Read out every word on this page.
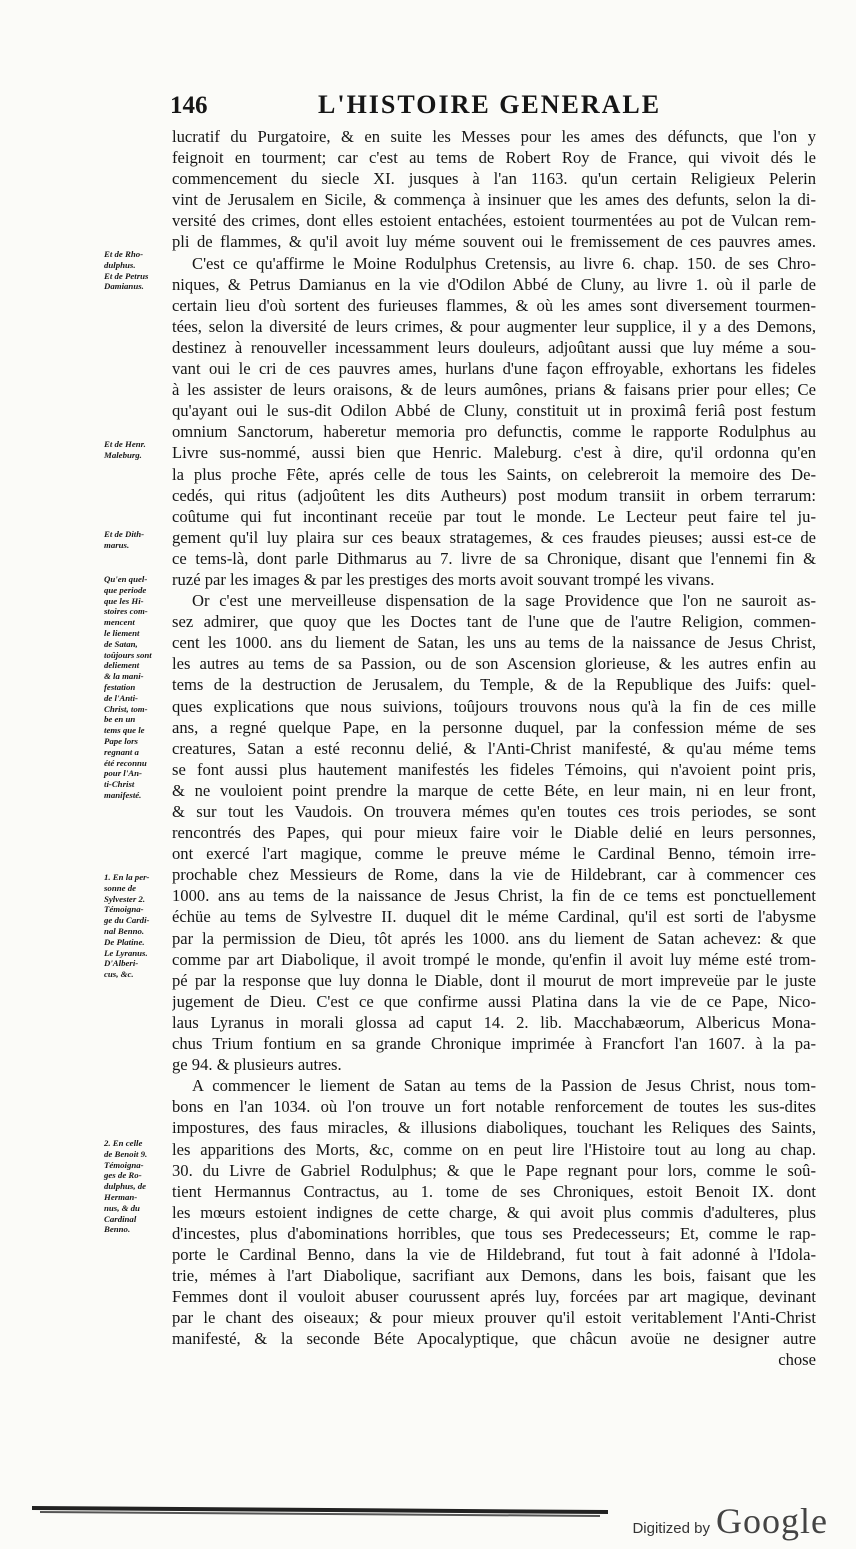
146	L'HISTOIRE GENERALE
lucratif du Purgatoire, & en suite les Messes pour les ames des défuncts, que l'on y
feignoit en tourment; car c'est au tems de Robert Roy de France, qui vivoit dés le
commencement du siecle XI. jusques à l'an 1163. qu'un certain Religieux Pelerin
vint de Jerusalem en Sicile, & commença à insinuer que les ames des defunts, selon la di-
versité des crimes, dont elles estoient entachées, estoient tourmentées au pot de Vulcan rem-
pli de flammes, & qu'il avoit luy méme souvent oui le fremissement de ces pauvres ames.
C'est ce qu'affirme le Moine Rodulphus Cretensis, au livre 6. chap. 150. de ses Chro-
niques, & Petrus Damianus en la vie d'Odilon Abbé de Cluny, au livre 1. où il parle de
certain lieu d'où sortent des furieuses flammes, & où les ames sont diversement tourmen-
tées, selon la diversité de leurs crimes, & pour augmenter leur supplice, il y a des Demons,
destinez à renouveller incessamment leurs douleurs, adjoûtant aussi que luy méme a sou-
vant oui le cri de ces pauvres ames, hurlans d'une façon effroyable, exhortans les fideles
à les assister de leurs oraisons, & de leurs aumônes, prians & faisans prier pour elles; Ce
qu'ayant oui le sus-dit Odilon Abbé de Cluny, constituit ut in proximâ feriâ post festum
omnium Sanctorum, haberetur memoria pro defunctis, comme le rapporte Rodulphus au
Livre sus-nommé, aussi bien que Henric. Maleburg. c'est à dire, qu'il ordonna qu'en
la plus proche Fête, aprés celle de tous les Saints, on celebreroit la memoire des De-
cedés, qui ritus (adjoûtent les dits Autheurs) post modum transiit in orbem terrarum:
coûtume qui fut incontinant receüe par tout le monde. Le Lecteur peut faire tel ju-
gement qu'il luy plaira sur ces beaux stratagemes, & ces fraudes pieuses; aussi est-ce de
ce tems-là, dont parle Dithmarus au 7. livre de sa Chronique, disant que l'ennemi fin &
ruzé par les images & par les prestiges des morts avoit souvant trompé les vivans.
Or c'est une merveilleuse dispensation de la sage Providence que l'on ne sauroit as-
sez admirer, que quoy que les Doctes tant de l'une que de l'autre Religion, commen-
cent les 1000. ans du liement de Satan, les uns au tems de la naissance de Jesus Christ,
les autres au tems de sa Passion, ou de son Ascension glorieuse, & les autres enfin au
tems de la destruction de Jerusalem, du Temple, & de la Republique des Juifs: quel-
ques explications que nous suivions, toûjours trouvons nous qu'à la fin de ces mille
ans, a regné quelque Pape, en la personne duquel, par la confession méme de ses
creatures, Satan a esté reconnu delié, & l'Anti-Christ manifesté, & qu'au méme tems
se font aussi plus hautement manifestés les fideles Témoins, qui n'avoient point pris,
& ne vouloient point prendre la marque de cette Béte, en leur main, ni en leur front,
& sur tout les Vaudois. On trouvera mémes qu'en toutes ces trois periodes, se sont
rencontrés des Papes, qui pour mieux faire voir le Diable delié en leurs personnes,
ont exercé l'art magique, comme le preuve méme le Cardinal Benno, témoin irre-
prochable chez Messieurs de Rome, dans la vie de Hildebrant, car à commencer ces
1000. ans au tems de la naissance de Jesus Christ, la fin de ce tems est ponctuellement
échüe au tems de Sylvestre II. duquel dit le méme Cardinal, qu'il est sorti de l'abysme
par la permission de Dieu, tôt aprés les 1000. ans du liement de Satan achevez: & que
comme par art Diabolique, il avoit trompé le monde, qu'enfin il avoit luy méme esté trom-
pé par la response que luy donna le Diable, dont il mourut de mort impreveüe par le juste
jugement de Dieu. C'est ce que confirme aussi Platina dans la vie de ce Pape, Nico-
laus Lyranus in morali glossa ad caput 14. 2. lib. Macchabæorum, Albericus Mona-
chus Trium fontium en sa grande Chronique imprimée à Francfort l'an 1607. à la pa-
ge 94. & plusieurs autres.
A commencer le liement de Satan au tems de la Passion de Jesus Christ, nous tom-
bons en l'an 1034. où l'on trouve un fort notable renforcement de toutes les sus-dites
impostures, des faus miracles, & illusions diaboliques, touchant les Reliques des Saints,
les apparitions des Morts, &c, comme on en peut lire l'Histoire tout au long au chap.
30. du Livre de Gabriel Rodulphus; & que le Pape regnant pour lors, comme le soû-
tient Hermannus Contractus, au 1. tome de ses Chroniques, estoit Benoit IX. dont
les mœurs estoient indignes de cette charge, & qui avoit plus commis d'adulteres, plus
d'incestes, plus d'abominations horribles, que tous ses Predecesseurs; Et, comme le rap-
porte le Cardinal Benno, dans la vie de Hildebrand, fut tout à fait adonné à l'Idola-
trie, mémes à l'art Diabolique, sacrifiant aux Demons, dans les bois, faisant que les
Femmes dont il vouloit abuser courussent aprés luy, forcées par art magique, devinant
par le chant des oiseaux; & pour mieux prouver qu'il estoit veritablement l'Anti-Christ
manifesté, & la seconde Béte Apocalyptique, que châcun avoüe ne designer autre
chose
Et de Rho-
dulphus.
Et de Petrus
Damianus.
Et de Henr.
Maleburg.
Et de Dith-
marus.
Qu'en quel-
que periode
que les Hi-
stoires com-
mencent
le liement
de Satan,
toûjours sont
deliement
& la mani-
festation
de l'Anti-
Christ, tom-
be en un
tems que le
Pape lors
regnant a
été reconnu
pour l'An-
ti-Christ
manifesté.
1. En la per-
sonne de
Sylvester 2.
Témoigna-
ge du Cardi-
nal Benno.
De Platine.
Le Lyranus.
D'Alberi-
cus, &c.
2. En celle
de Benoit 9.
Témoigna-
ges de Ro-
dulphus, de
Herman-
nus, & du
Cardinal
Benno.
Digitized by Google
